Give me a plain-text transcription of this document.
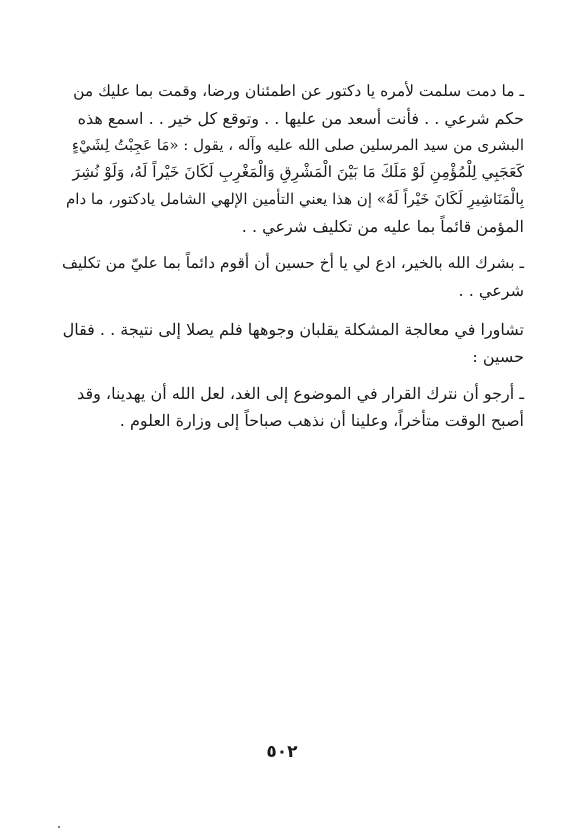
ـ ما دمت سلمت لأمره يا دكتور عن اطمئنان ورضا، وقمت بما عليك من
حكم شرعي . . فأنت أسعد من عليها . . وتوقع كل خير . . اسمع هذه
البشرى من سيد المرسلين صلى الله عليه وآله ، يقول : «مَا عَجِبْتُ لِشَيْءٍ
كَعَجَبِي لِلْمُؤْمِنِ لَوْ مَلَكَ مَا بَيْنَ الْمَشْرِقِ وَالْمَغْرِبِ لَكَانَ خَيْراً لَهُ، وَلَوْ نُشِرَ
بِالْمَنَاشِيرِ لَكَانَ خَيْراً لَهُ» إن هذا يعني التأمين الإلهي الشامل يادكتور، ما دام
المؤمن قائماً بما عليه من تكليف شرعي . .
ـ بشرك الله بالخير، ادع لي يا أخ حسين أن أقوم دائماً بما عليّ من تكليف
شرعي . .
تشاورا في معالجة المشكلة يقلبان وجوهها فلم يصلا إلى نتيجة . . فقال
حسين :
ـ أرجو أن نترك القرار في الموضوع إلى الغد، لعل الله أن يهدينا، وقد
أصبح الوقت متأخراً، وعلينا أن نذهب صباحاً إلى وزارة العلوم .
٥٠٢
